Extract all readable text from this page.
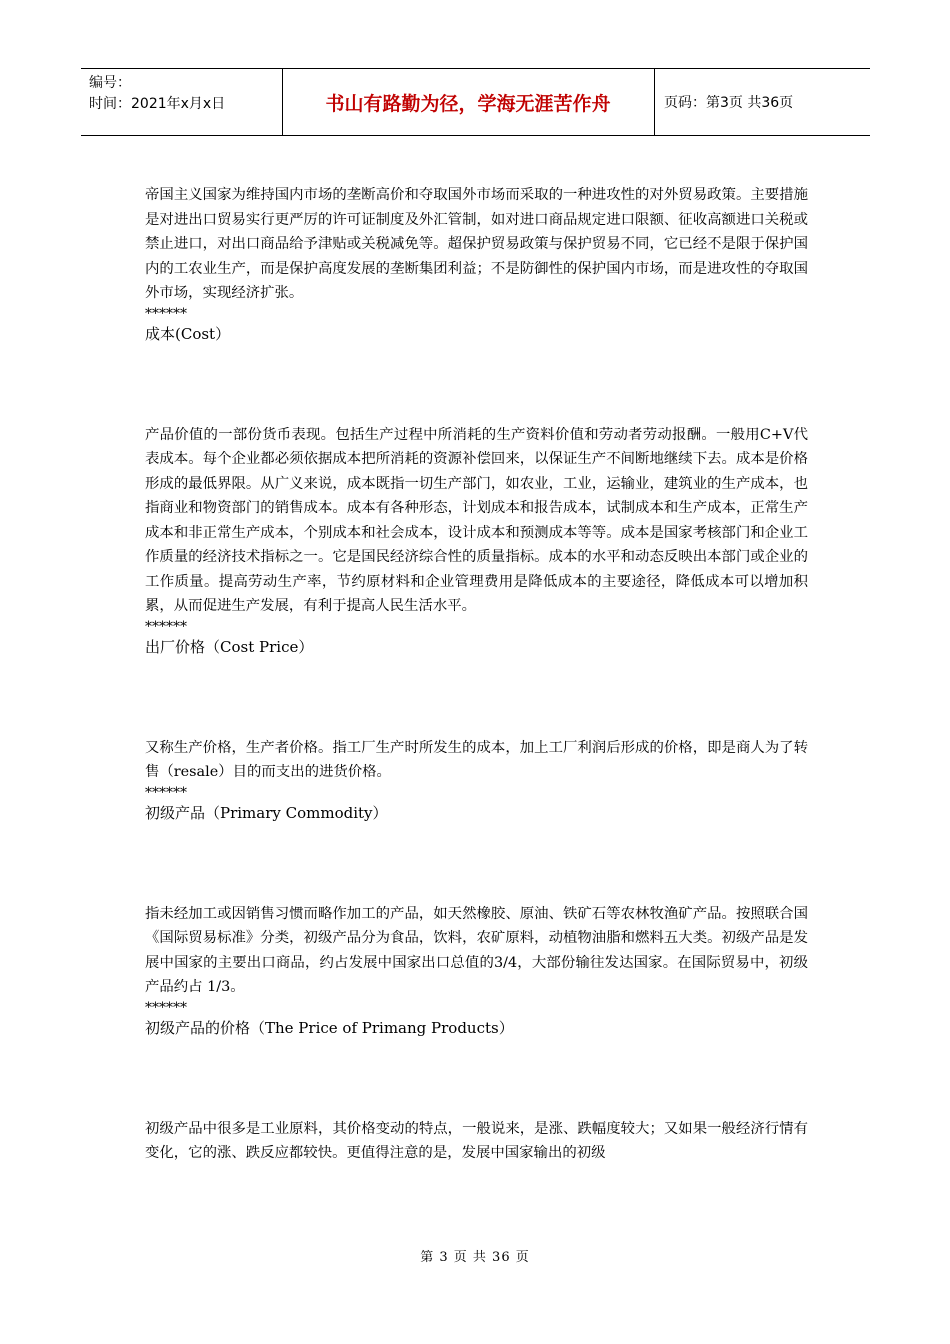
编号：
时间：2021年x月x日	书山有路勤为径，学海无涯苦作舟	页码：第3页 共36页

帝国主义国家为维持国内市场的垄断高价和夺取国外市场而采取的一种进攻性的对外贸易政策。主要措施是对进出口贸易实行更严厉的许可证制度及外汇管制，如对进口商品规定进口限额、征收高额进口关税或禁止进口，对出口商品给予津贴或关税减免等。超保护贸易政策与保护贸易不同，它已经不是限于保护国内的工农业生产，而是保护高度发展的垄断集团利益；不是防御性的保护国内市场，而是进攻性的夺取国外市场，实现经济扩张。

******

成本(Cost）

产品价值的一部份货币表现。包括生产过程中所消耗的生产资料价值和劳动者劳动报酬。一般用C+V代表成本。每个企业都必须依据成本把所消耗的资源补偿回来，以保证生产不间断地继续下去。成本是价格形成的最低界限。从广义来说，成本既指一切生产部门，如农业，工业，运输业，建筑业的生产成本，也指商业和物资部门的销售成本。成本有各种形态，计划成本和报告成本，试制成本和生产成本，正常生产成本和非正常生产成本，个别成本和社会成本，设计成本和预测成本等等。成本是国家考核部门和企业工作质量的经济技术指标之一。它是国民经济综合性的质量指标。成本的水平和动态反映出本部门或企业的工作质量。提高劳动生产率，节约原材料和企业管理费用是降低成本的主要途径，降低成本可以增加积累，从而促进生产发展，有利于提高人民生活水平。

******

出厂价格（Cost Price）

又称生产价格，生产者价格。指工厂生产时所发生的成本，加上工厂利润后形成的价格，即是商人为了转售（resale）目的而支出的进货价格。

******

初级产品（Primary Commodity）

指未经加工或因销售习惯而略作加工的产品，如天然橡胶、原油、铁矿石等农林牧渔矿产品。按照联合国《国际贸易标准》分类，初级产品分为食品，饮料，农矿原料，动植物油脂和燃料五大类。初级产品是发展中国家的主要出口商品，约占发展中国家出口总值的3/4，大部份输往发达国家。在国际贸易中，初级产品约占 1/3。

******

初级产品的价格（The Price of Primang Products）

初级产品中很多是工业原料，其价格变动的特点，一般说来，是涨、跌幅度较大；又如果一般经济行情有变化，它的涨、跌反应都较快。更值得注意的是，发展中国家输出的初级

第 3 页 共 36 页
